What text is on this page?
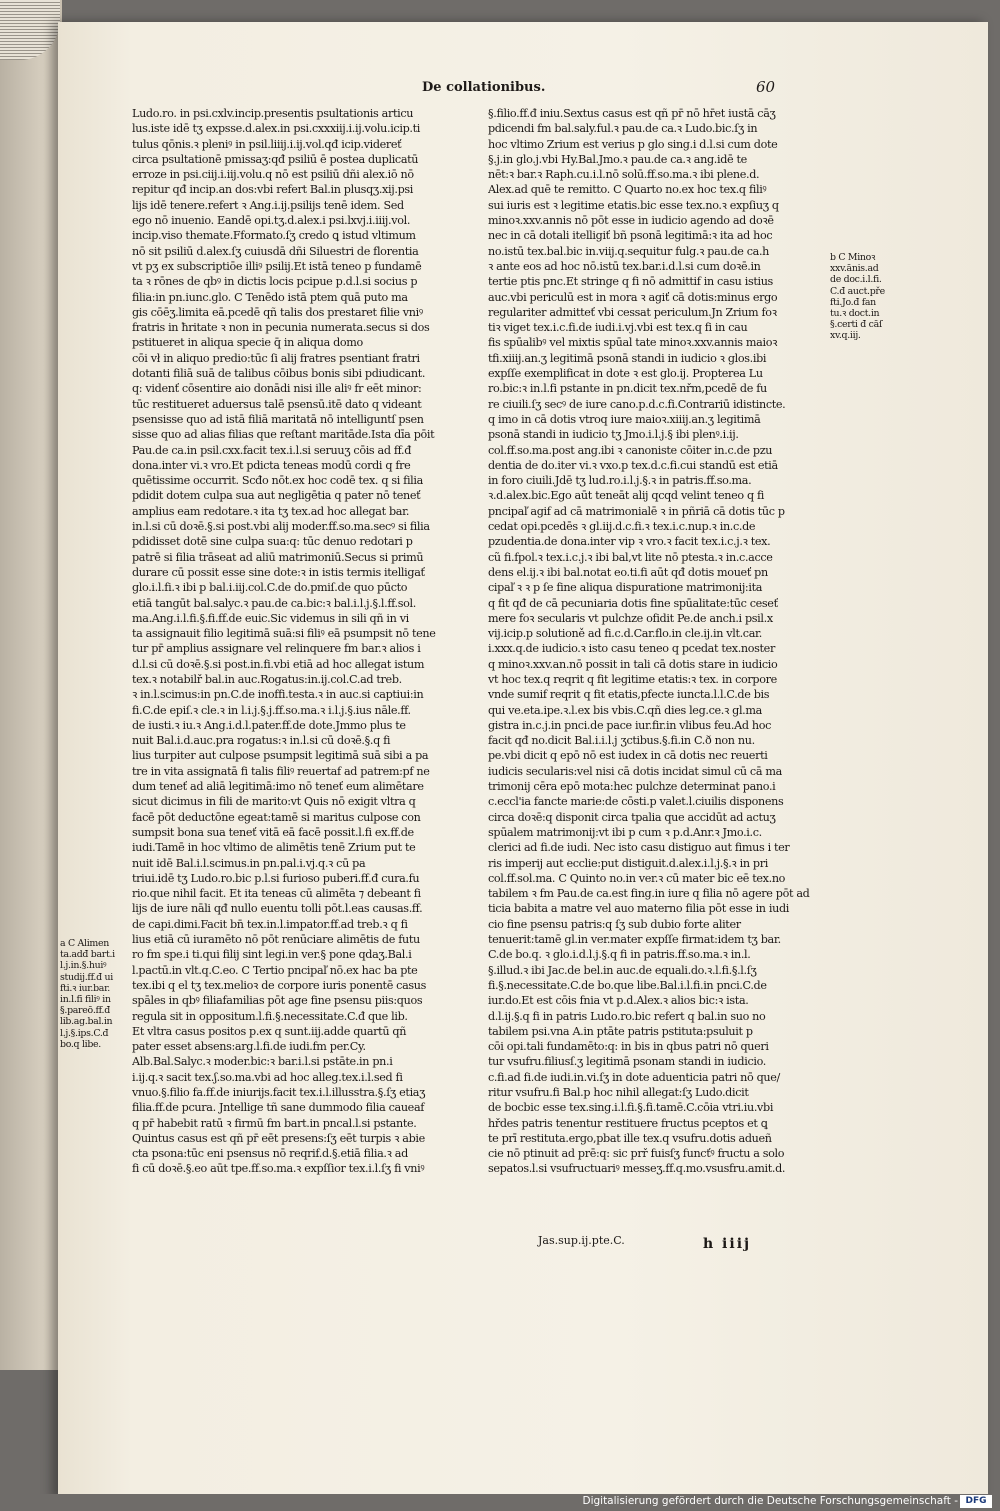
De collationibus.	60
Ludo.ro. in psi.cxlv.incip.presentis psultationis articu
lus.iste idē tʒ expsse.d.alex.in psi.cxxxiij.i.ij.volu.icip.ti
tulus qōnis.ꝛ pleniꝰ in psil.liiij.i.ij.vol.qđ icip.videreť
circa psultationē pmissaʒ:qđ psiliū ē postea duplicatū
erroze in psi.ciij.i.iij.volu.q nō est psiliū dñi alex.iō nō
repitur qđ incip.an dos:vbi refert Bal.in plusqʒ.xij.psi
lijs idē tenere.refert ꝛ Ang.i.ij.psilijs tenē idem. Sed
ego nō inuenio. Eandē opi.tʒ.d.alex.i psi.lxvj.i.iiij.vol.
incip.viso themate.Fformato.ſʒ credo ꝗ istud vltimum
nō sit psiliū d.alex.ſʒ cuiusdā dñi Siluestri de florentia
vt pʒ ex subscriptiōe illiꝰ psilij.Et istā teneo p fundamē
ta ꝛ rōnes de qbꝰ in dictis locis pcipue p.d.l.si socius p
filia:in pn.iunc.glo. C Tenēdo istā ptem quā puto ma
gis cōēʒ.limita eā.pcedē qñ talis dos prestaret filie vniꝰ
fratris in ħritate ꝛ non in pecunia numerata.secus si dos
pstitueret in aliqua specie q̄ in aliqua domo
cōi vł in aliquo predio:tūc ſi alij fratres psentiant fratri
dotanti filiā suā de talibus cōibus bonis sibi pdiudicant.
q: videnť cōsentire aio donādi nisi ille aliꝰ fr eēt minor:
tūc restitueret aduersus talē psensū.itē dato q videant
psensisse quo ad istā filiā maritatā nō intelliguntſ psen
sisse quo ad alias filias que reſtant maritāde.Ista dīa pōit
Pau.de ca.in psil.cxx.facit tex.i.l.si seruuʒ cōis ad ff.đ
dona.inter vi.ꝛ vro.Et pdicta teneas modū cordi q fre
quētissime occurrit. Scđo nōt.ex hoc codē tex. q si filia
pdidit dotem culpa sua aut negligētia q pater nō teneť
amplius eam redotare.ꝛ ita tʒ tex.ad hoc allegat bar.
in.l.si cū doꝛē.§.si post.vbi alij moder.ff.so.ma.secꝰ si filia
pdidisset dotē sine culpa sua:q: tūc denuo redotari p
patrē si filia trāseat ad aliū matrimoniū.Secus si primū
durare cū possit esse sine dote:ꝛ in istis termis itelligať
glo.i.l.fi.ꝛ ibi p bal.i.iij.col.C.de do.pmiſ.de quo pūcto
etiā tangūt bal.salyc.ꝛ pau.de ca.bic:ꝛ bal.i.l.j.§.l.ff.sol.
ma.Ang.i.l.fi.§.fi.ff.de euic.Sic videmus in sili qñ in vi
ta assignauit filio legitimā suā:si filiꝰ eā psumpsit nō tene
tur pr̄ amplius assignare vel relinquere fm bar.ꝛ alios i
d.l.si cū doꝛē.§.si post.in.fi.vbi etiā ad hoc allegat istum
tex.ꝛ notabilř bal.in auc.Rogatus:in.ij.col.C.ad treb.
ꝛ in.l.scimus:in pn.C.de inoffi.testa.ꝛ in auc.si captiui:in
fi.C.de epiſ.ꝛ cle.ꝛ in l.i.j.§.j.ff.so.ma.ꝛ i.l.j.§.ius nāle.ff.
de iusti.ꝛ iu.ꝛ Ang.i.d.l.pater.ff.de dote.Jmmo plus te
nuit Bal.i.d.auc.pra rogatus:ꝛ in.l.si cū doꝛē.§.q fi
lius turpiter aut culpose psumpsit legitimā suā sibi a pa
tre in vita assignatā fi talis filiꝰ reuertaf ad patrem:pf ne
dum teneť ad aliā legitimā:imo nō teneť eum alimētare
sicut dicimus in fili de marito:vt Quis nō exigit vltra q
facē pōt deductōne egeat:tamē si maritus culpose con
sumpsit bona sua teneť vitā eā facē possit.l.fi ex.ff.de
iudi.Tamē in hoc vltimo de alimētis tenē Zrium put te
nuit idē Bal.i.l.scimus.in pn.pal.i.vj.q.ꝛ cū pa
triui.idē tʒ Ludo.ro.bic p.l.si furioso puberi.ff.đ cura.fu
rio.que nihil facit. Et ita teneas cū alimēta ⁊ debeant fi
lijs de iure nāli qđ nullo euentu tolli pōt.l.eas causas.ff.
de capi.dimi.Facit bn̄ tex.in.l.impator.ff.ad treb.ꝛ q fi
lius etiā cū iuramēto nō pōt renūciare alimētis de futu
ro fm spe.i ti.qui filij sint legi.in ver.§ pone qdaʒ.Bal.i
l.pactū.in vlt.q.C.eo. C Tertio pncipaľ nō.ex hac ba pte
tex.ibi q el tʒ tex.melioꝛ de corpore iuris ponentē casus
spāles in qbꝰ filiafamilias pōt age fine psensu piis:quos
regula sit in oppositum.l.fi.§.necessitate.C.đ que lib.
Et vltra casus positos p.ex q sunt.iij.adde quartū qñ
pater esset absens:arg.l.fi.de iudi.fm per.Cy.
Alb.Bal.Salyc.ꝛ moder.bic:ꝛ bar.i.l.si pstāte.in pn.i
i.ij.q.ꝛ sacit tex.ʃ.so.ma.vbi ad hoc alleg.tex.i.l.sed fi
vnuo.§.filio fa.ff.de iniurijs.facit tex.i.l.illusstra.§.ſʒ etiaʒ
filia.ff.de pcura. Jntellige tñ sane dummodo filia caueaf
q pr̄ habebit ratū ꝛ firmū fm bart.in pncal.l.si pstante.
Quintus casus est qñ pr̄ eēt presens:ſʒ eēt turpis ꝛ abie
cta psona:tūc eni psensus nō reqrif.d.§.etiā filia.ꝛ ad
fi cū doꝛē.§.eo aūt tpe.ff.so.ma.ꝛ expſſior tex.i.l.ſʒ fi vniꝰ
§.filio.ff.đ iniu.Sextus casus est qñ pr̄ nō hr̄et iustā cāʒ
pdicendi fm bal.saly.ful.ꝛ pau.de ca.ꝛ Ludo.bic.ſʒ in
hoc vltimo Zrium est verius p glo sing.i d.l.si cum dote
§.j.in glo.j.vbi Hy.Bal.Jmo.ꝛ pau.de ca.ꝛ ang.idē te
nēt:ꝛ bar.ꝛ Raph.cu.i.l.nō solū.ff.so.ma.ꝛ ibi plene.d.
Alex.ad quē te remitto. C Quarto no.ex hoc tex.q filiꝰ
sui iuris est ꝛ legitime etatis.bic esse tex.no.ꝛ expſiuʒ q
minoꝛ.xxv.annis nō pōt esse in iudicio agendo ad doꝛē
nec in cā dotali itelligiť bñ psonā legitimā:ꝛ ita ad hoc
no.istū tex.bal.bic in.viij.q.sequitur fulg.ꝛ pau.de ca.h
ꝛ ante eos ad hoc nō.istū tex.bar.i.d.l.si cum doꝛē.in
tertie ptis pnc.Et stringe q fi nō admittif in casu istius
auc.vbi periculū est in mora ꝛ agiť cā dotis:minus ergo
regulariter admitteť vbi cessat periculum.Jn Zrium foꝛ
tiꝛ viget tex.i.c.fi.de iudi.i.vj.vbi est tex.q fi in cau
fis spūalibꝰ vel mixtis spūal tate minoꝛ.xxv.annis maioꝛ
tfi.xiiij.an.ʒ legitimā psonā standi in iudicio ꝛ glos.ibi
expſſe exemplificat in dote ꝛ est glo.ij. Propterea Lu
ro.bic:ꝛ in.l.fi pstante in pn.dicit tex.nřm,pcedē de fu
re ciuili.ſʒ secꝰ de iure cano.p.d.c.fi.Contrariū idistincte.
q imo in cā dotis vtroq iure maioꝛ.xiiij.an.ʒ legitimā
psonā standi in iudicio tʒ Jmo.i.l.j.§ ibi plenꝰ.i.ij.
col.ff.so.ma.post ang.ibi ꝛ canoniste cōiter in.c.de pzu
dentia de do.iter vi.ꝛ vxo.p tex.d.c.fi.cui standū est etiā
in foro ciuili.Jdē tʒ lud.ro.i.l.j.§.ꝛ in patris.ff.so.ma.
ꝛ.d.alex.bic.Ego aūt teneāt alij qcqd velint teneo q fi
pncipaľ agif ad cā matrimonialē ꝛ in pñriā cā dotis tūc p
cedat opi.pcedēs ꝛ gl.iij.d.c.fi.ꝛ tex.i.c.nup.ꝛ in.c.de
pzudentia.de dona.inter vip ꝛ vro.ꝛ facit tex.i.c.j.ꝛ tex.
cũ fi.fpol.ꝛ tex.i.c.j.ꝛ ibi bal,vt lite nō ptesta.ꝛ in.c.acce
dens el.ij.ꝛ ibi bal.notat eo.ti.fi aūt qđ dotis moueť pn
cipaľ ꝛ ꝛ p ſe fine aliqua dispuratione matrimonij:ita
q fit qđ de cā pecuniaria dotis fine spūalitate:tūc ceseť
mere foꝛ secularis vt pulchze ofidit Pe.de anch.i psil.x
vij.icip.p solutioně ad fi.c.d.Car.flo.in cle.ij.in vlt.car.
i.xxx.q.de iudicio.ꝛ isto casu teneo q pcedat tex.noster
q minoꝛ.xxv.an.nō possit in tali cā dotis stare in iudicio
vt hoc tex.q reqrit q fit legitime etatis:ꝛ tex. in corpore
vnde sumif reqrit q fit etatis,pfecte iuncta.l.l.C.de bis
qui ve.eta.ipe.ꝛ.l.ex bis vbis.C.qñ dies leg.ce.ꝛ gl.ma
gistra in.c.j.in pnci.de pace iur.fir.in vlibus feu.Ad hoc
facit qđ no.dicit Bal.i.i.l.j ʒctibus.§.fi.in C.ð non nu.
pe.vbi dicit q epō nō est iudex in cā dotis nec reuerti
iudicis secularis:vel nisi cā dotis incidat simul cū cā ma
trimonij cēra epō mota:hec pulchze determinat pano.i
c.eccl'ia fancte marie:de cōsti.p valet.l.ciuilis disponens
circa doꝛē:q disponit circa tpalia que accidūt ad actuʒ
spūalem matrimonij:vt ibi p cum ꝛ p.d.Anr.ꝛ Jmo.i.c.
clerici ad fi.de iudi. Nec isto casu distiguo aut fimus i ter
ris imperij aut ecclie:put distiguit.d.alex.i.l.j.§.ꝛ in pri
col.ff.sol.ma. C Quinto no.in ver.ꝛ cū mater bic eē tex.no
tabilem ꝛ fm Pau.de ca.est fing.in iure q filia nō agere pōt ad
ticia babita a matre vel auo materno filia pōt esse in iudi
cio fine psensu patris:q ſʒ sub dubio forte aliter
tenuerit:tamē gl.in ver.mater expſſe firmat:idem tʒ bar.
C.de bo.q. ꝛ glo.i.d.l.j.§.q fi in patris.ff.so.ma.ꝛ in.l.
§.illud.ꝛ ibi Jac.de bel.in auc.de equali.do.ꝛ.l.fi.§.l.ſʒ
fi.§.necessitate.C.de bo.que libe.Bal.i.l.fi.in pnci.C.de
iur.do.Et est cōis fnia vt p.d.Alex.ꝛ alios bic:ꝛ ista.
d.l.ij.§.q fi in patris Ludo.ro.bic refert q bal.in suo no
tabilem psi.vna A.in ptāte patris pstituta:psuluit p
cōi opi.tali fundamēto:q: in bis in qbus patri nō queri
tur vsufru.filiusſ.ʒ legitimā psonam standi in iudicio.
c.fi.ad fi.de iudi.in.vi.ſʒ in dote aduenticia patri nō que/
ritur vsufru.fi Bal.p hoc nihil allegat:ſʒ Ludo.dicit
de bocbic esse tex.sing.i.l.fi.§.fi.tamē.C.cōia vtri.iu.vbi
hřdes patris tenentur restituere fructus pceptos et ꝗ
te prī restituta.ergo,pbat ille tex.q vsufru.dotis adueñ
cie nō ptinuit ad prē:q: sic prř fuisſʒ funcťꝰ fructu a solo
sepatos.l.si vsufructuariꝰ messeʒ.ff.q.mo.vsusfru.amit.d.
a C Alimen
ta.adđ bart.i
l.j.in.§.huiꝰ
studij.ff.đ ui
fti.ꝛ iur.bar.
in.l.fi filiꝰ in
§.pareō.ff.đ
lib.ag.bal.in
l.j.§.ips.C.đ
bo.q libe.
b C Minoꝛ
xxv.ānis.ad
de doc.i.l.fi.
C.đ auct.pře
fti.Jo.đ fan
tu.ꝛ doct.in
§.certi đ cāſ
xv.q.iij.
Jas.sup.ij.pte.C.	h iiij
Digitalisierung gefördert durch die Deutsche Forschungsgemeinschaft - DFG
